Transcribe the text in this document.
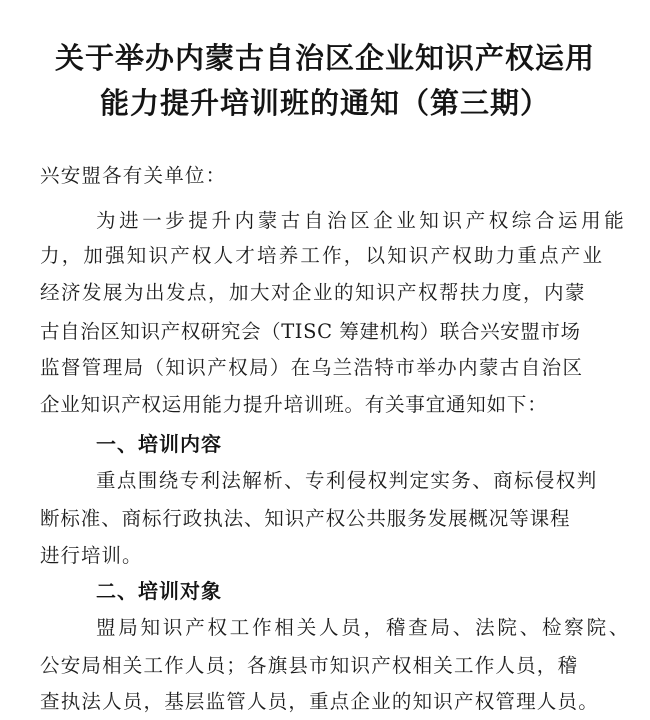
关于举办内蒙古自治区企业知识产权运用
能力提升培训班的通知（第三期）
兴安盟各有关单位：
为进一步提升内蒙古自治区企业知识产权综合运用能
力，加强知识产权人才培养工作，以知识产权助力重点产业
经济发展为出发点，加大对企业的知识产权帮扶力度，内蒙
古自治区知识产权研究会（TISC 筹建机构）联合兴安盟市场
监督管理局（知识产权局）在乌兰浩特市举办内蒙古自治区
企业知识产权运用能力提升培训班。有关事宜通知如下：
一、培训内容
重点围绕专利法解析、专利侵权判定实务、商标侵权判
断标准、商标行政执法、知识产权公共服务发展概况等课程
进行培训。
二、培训对象
盟局知识产权工作相关人员，稽查局、法院、检察院、
公安局相关工作人员；各旗县市知识产权相关工作人员，稽
查执法人员，基层监管人员，重点企业的知识产权管理人员。
